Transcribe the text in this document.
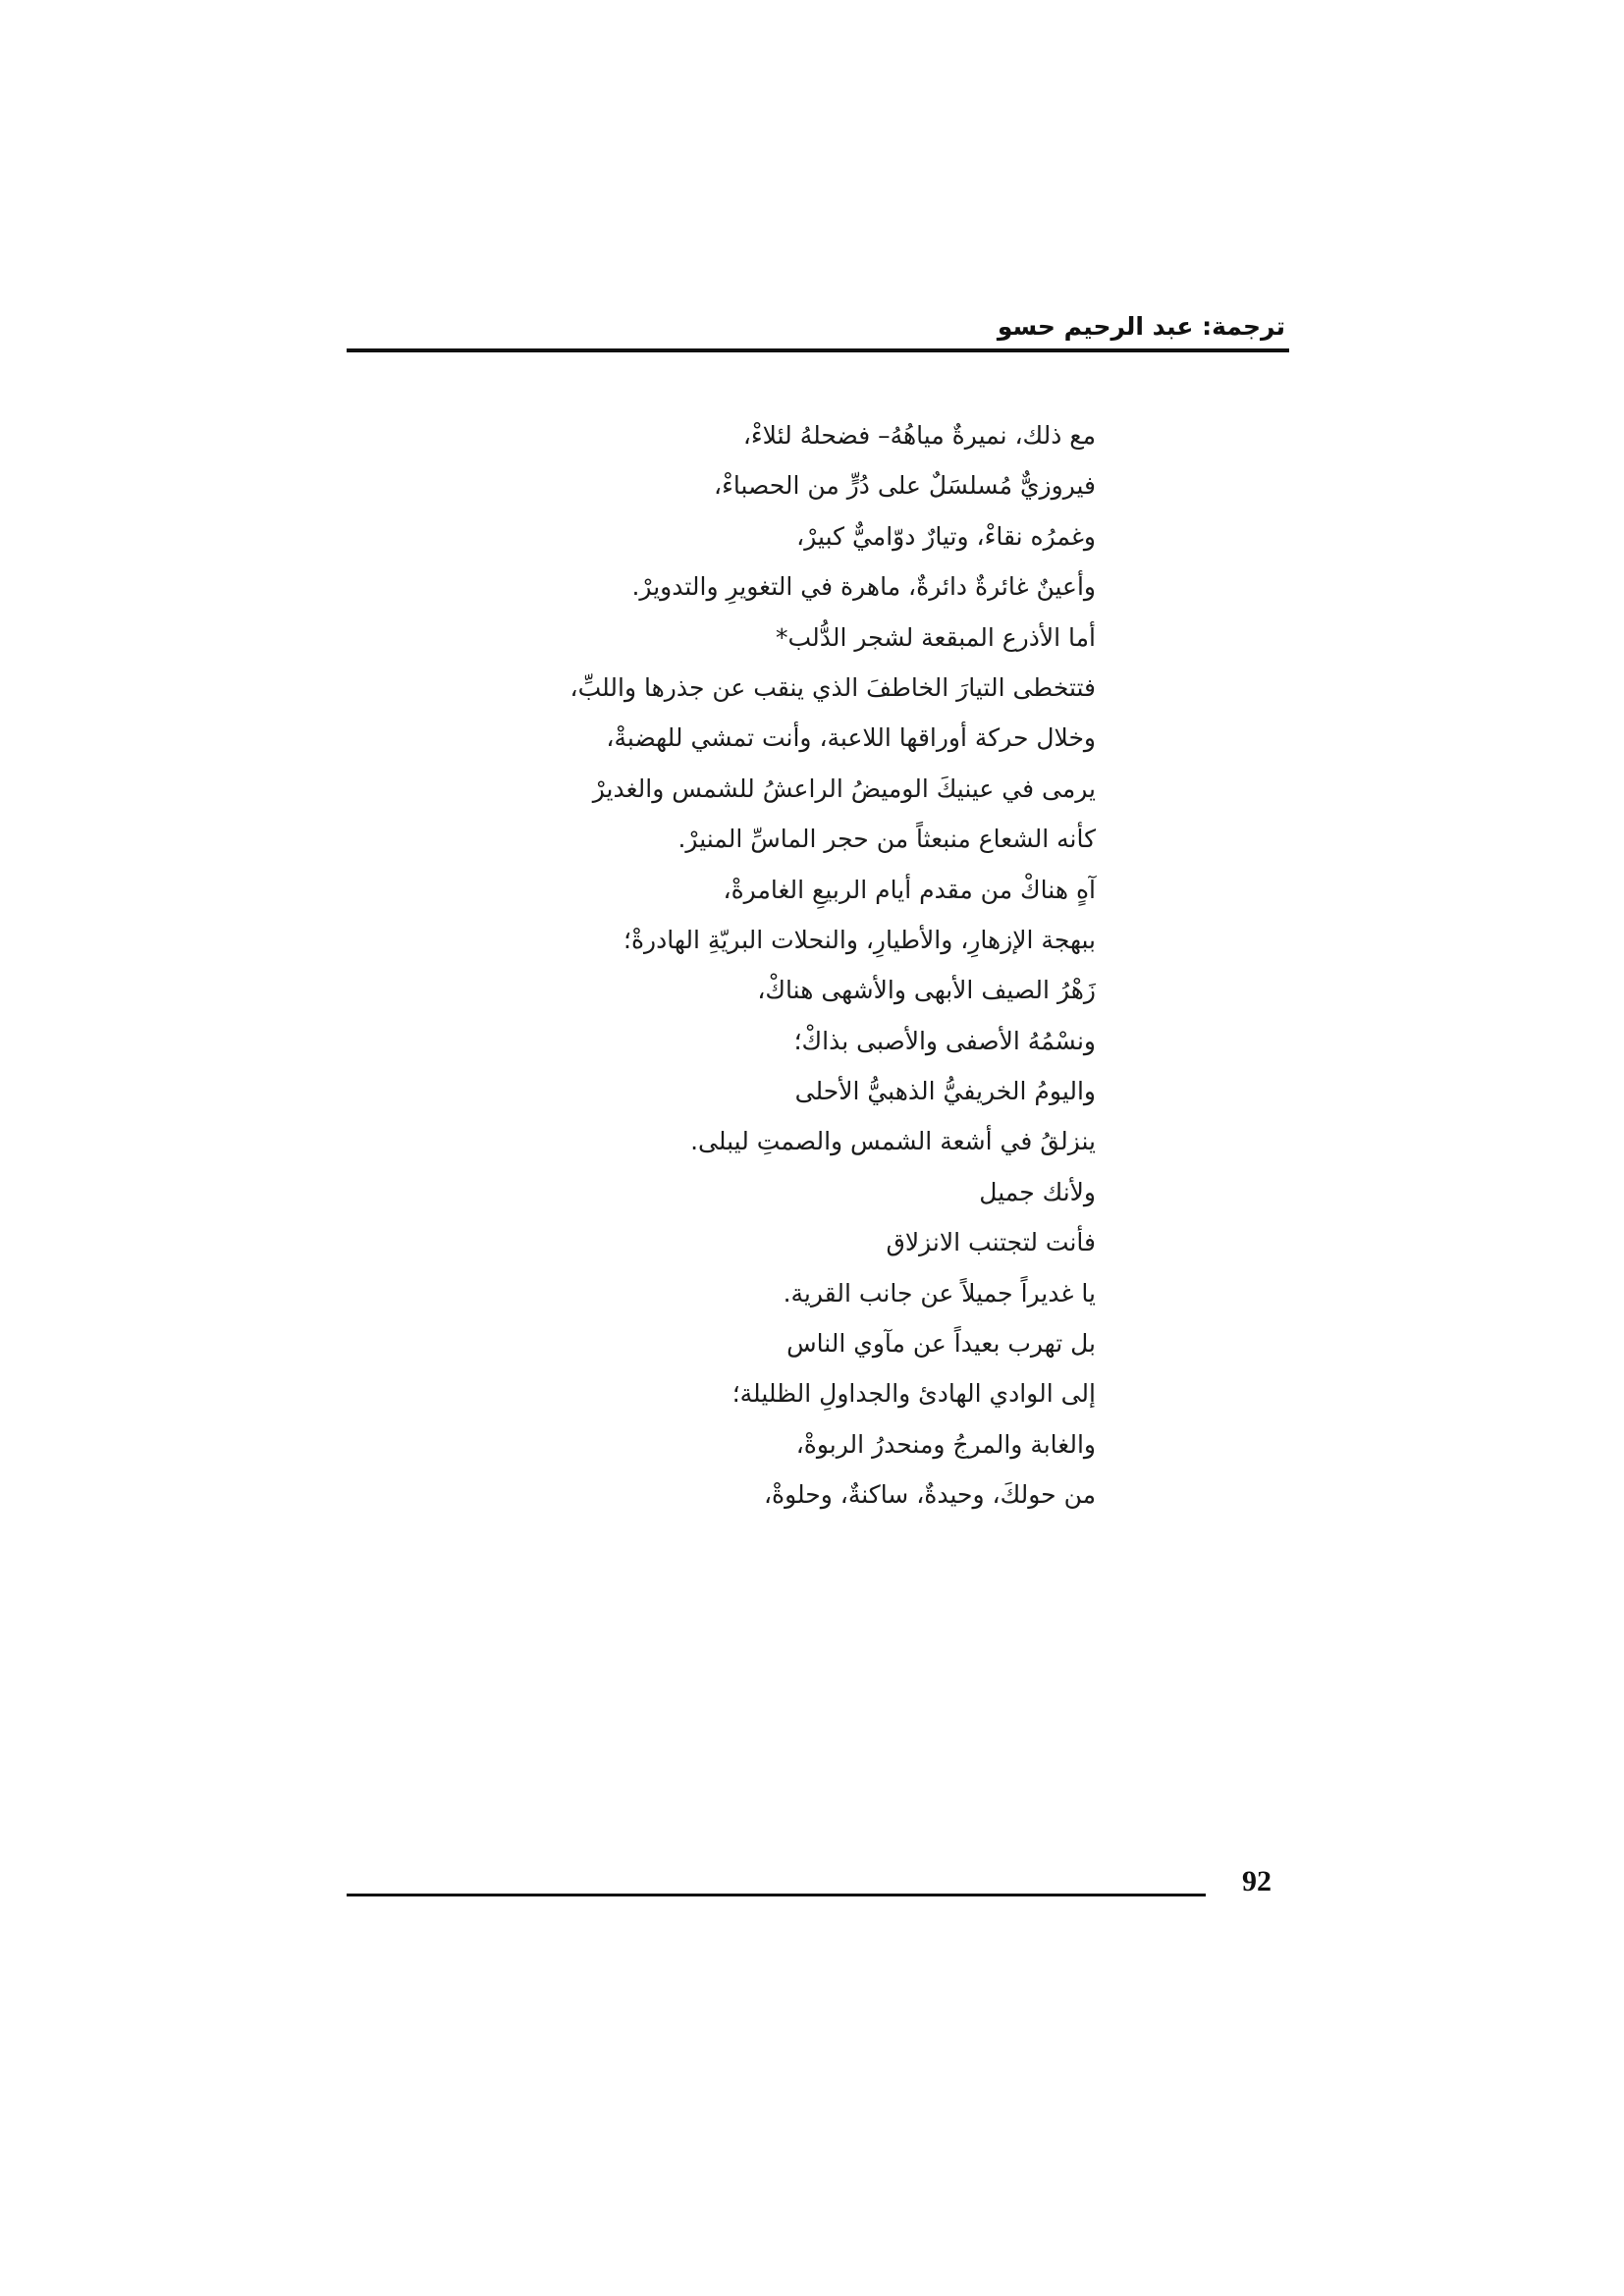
ترجمة: عبد الرحيم حسو
مع ذلك، نميرةٌ مياهُهُ– فضحلهُ لئلاءْ،
فيروزيٌّ مُسلسَلٌ على دُرٍّ من الحصباءْ،
وغمرُه نقاءْ، وتيارٌ دوّاميٌّ كبيرْ،
وأعينٌ غائرةٌ دائرةٌ، ماهرة في التغويرِ والتدويرْ.
أما الأذرع المبقعة لشجر الدُّلب*
فتتخطى التيارَ الخاطفَ الذي ينقب عن جذرها واللبِّ،
وخلال حركة أوراقها اللاعبة، وأنت تمشي للهضبةْ،
يرمى في عينيكَ الوميضُ الراعشُ للشمس والغديرْ
كأنه الشعاع منبعثاً من حجر الماسِّ المنيرْ.
آهٍ هناكْ من مقدم أيام الربيعِ الغامرةْ،
ببهجة الإزهارِ، والأطيارِ، والنحلات البريّةِ الهادرةْ؛
زَهْرُ الصيف الأبهى والأشهى هناكْ،
ونسْمُهُ الأصفى والأصبى بذاكْ؛
واليومُ الخريفيُّ الذهبيُّ الأحلى
ينزلقُ في أشعة الشمس والصمتِ ليبلى.
ولأنك جميل
فأنت لتجتنب الانزلاق
يا غديراً جميلاً عن جانب القرية.
بل تهرب بعيداً عن مآوي الناس
إلى الوادي الهادئ والجداولِ الظليلة؛
والغابة والمرجُ ومنحدرُ الربوةْ،
من حولكَ، وحيدةٌ، ساكنةٌ، وحلوةْ،
92
